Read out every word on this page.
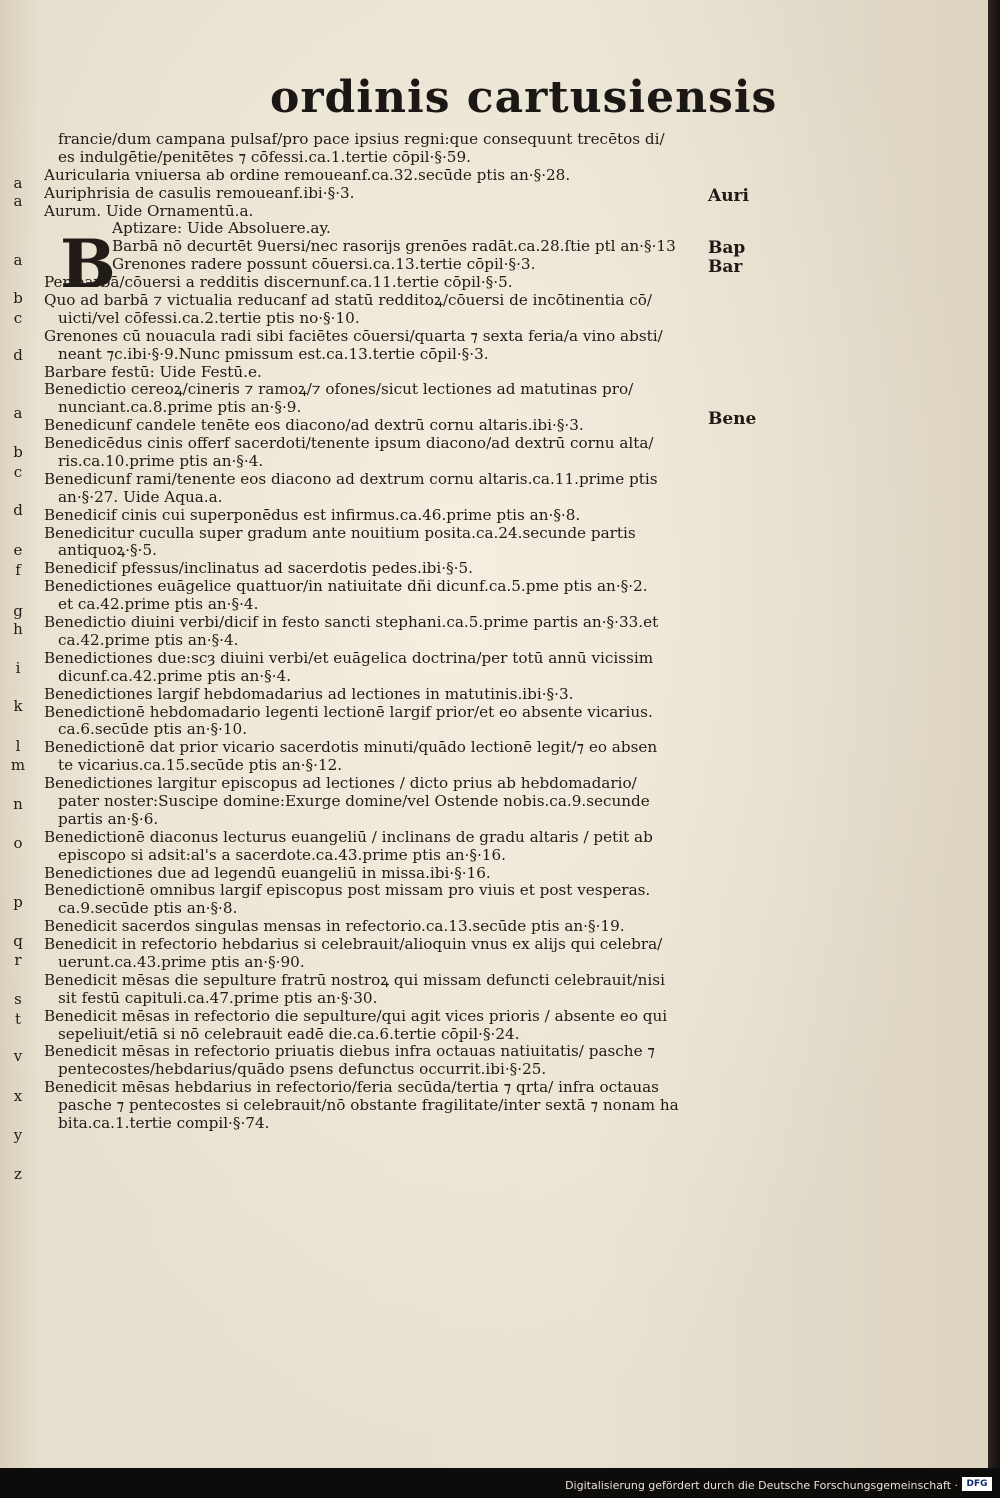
ordinis cartusiensis
B
Auri
Bap
Bar
Bene
a
a
a
b
c
d
a
b
c
d
e
f
g
h
i
k
l
m
n
o
p
q
r
s
t
v
x
y
z
francie/dum campana pulsaf/pro pace ipsius regni:que consequunt trecētos di/
es indulgētie/penitētes ⁊ cōfessi.ca.1.tertie cōpil·§·59.
Auricularia vniuersa ab ordine remoueanf.ca.32.secūde ptis an·§·28.
Auriphrisia de casulis remoueanf.ibi·§·3.
Aurum. Uide Ornamentū.a.
Aptizare: Uide Absoluere.ay.
Barbā nō decurtēt 9uersi/nec rasorijs grenōes radāt.ca.28.ſtie ptl an·§·13
Grenones radere possunt cōuersi.ca.13.tertie cōpil·§·3.
Per barbā/cōuersi a redditis discernunf.ca.11.tertie cōpil·§·5.
Quo ad barbā ⁊ victualia reducanf ad statū redditoꝝ/cōuersi de incōtinentia cō/
uicti/vel cōfessi.ca.2.tertie ptis no·§·10.
Grenones cū nouacula radi sibi faciētes cōuersi/quarta ⁊ sexta feria/a vino absti/
neant ⁊c.ibi·§·9.Nunc pmissum est.ca.13.tertie cōpil·§·3.
Barbare festū: Uide Festū.e.
Benedictio cereoꝝ/cineris ⁊ ramoꝝ/⁊ ofones/sicut lectiones ad matutinas pro/
nunciant.ca.8.prime ptis an·§·9.
Benedicunf candele tenēte eos diacono/ad dextrū cornu altaris.ibi·§·3.
Benedicēdus cinis offerf sacerdoti/tenente ipsum diacono/ad dextrū cornu alta/
ris.ca.10.prime ptis an·§·4.
Benedicunf rami/tenente eos diacono ad dextrum cornu altaris.ca.11.prime ptis
an·§·27. Uide Aqua.a.
Benedicif cinis cui superponēdus est infirmus.ca.46.prime ptis an·§·8.
Benedicitur cuculla super gradum ante nouitium posita.ca.24.secunde partis
antiquoꝝ·§·5.
Benedicif pfessus/inclinatus ad sacerdotis pedes.ibi·§·5.
Benedictiones euāgelice quattuor/in natiuitate dñi dicunf.ca.5.pme ptis an·§·2.
et ca.42.prime ptis an·§·4.
Benedictio diuini verbi/dicif in festo sancti stephani.ca.5.prime partis an·§·33.et
ca.42.prime ptis an·§·4.
Benedictiones due:scȝ diuini verbi/et euāgelica doctrina/per totū annū vicissim
dicunf.ca.42.prime ptis an·§·4.
Benedictiones largif hebdomadarius ad lectiones in matutinis.ibi·§·3.
Benedictionē hebdomadario legenti lectionē largif prior/et eo absente vicarius.
ca.6.secūde ptis an·§·10.
Benedictionē dat prior vicario sacerdotis minuti/quādo lectionē legit/⁊ eo absen
te vicarius.ca.15.secūde ptis an·§·12.
Benedictiones largitur episcopus ad lectiones / dicto prius ab hebdomadario/
pater noster:Suscipe domine:Exurge domine/vel Ostende nobis.ca.9.secunde
partis an·§·6.
Benedictionē diaconus lecturus euangeliū / inclinans de gradu altaris / petit ab
episcopo si adsit:al's a sacerdote.ca.43.prime ptis an·§·16.
Benedictiones due ad legendū euangeliū in missa.ibi·§·16.
Benedictionē omnibus largif episcopus post missam pro viuis et post vesperas.
ca.9.secūde ptis an·§·8.
Benedicit sacerdos singulas mensas in refectorio.ca.13.secūde ptis an·§·19.
Benedicit in refectorio hebdarius si celebrauit/alioquin vnus ex alijs qui celebra/
uerunt.ca.43.prime ptis an·§·90.
Benedicit mēsas die sepulture fratrū nostroꝝ qui missam defuncti celebrauit/nisi
sit festū capituli.ca.47.prime ptis an·§·30.
Benedicit mēsas in refectorio die sepulture/qui agit vices prioris / absente eo qui
sepeliuit/etiā si nō celebrauit eadē die.ca.6.tertie cōpil·§·24.
Benedicit mēsas in refectorio priuatis diebus infra octauas natiuitatis/ pasche ⁊
pentecostes/hebdarius/quādo psens defunctus occurrit.ibi·§·25.
Benedicit mēsas hebdarius in refectorio/feria secūda/tertia ⁊ qrta/ infra octauas
pasche ⁊ pentecostes si celebrauit/nō obstante fragilitate/inter sextā ⁊ nonam ha
bita.ca.1.tertie compil·§·74.
Digitalisierung gefördert durch die Deutsche Forschungsgemeinschaft · DFG
